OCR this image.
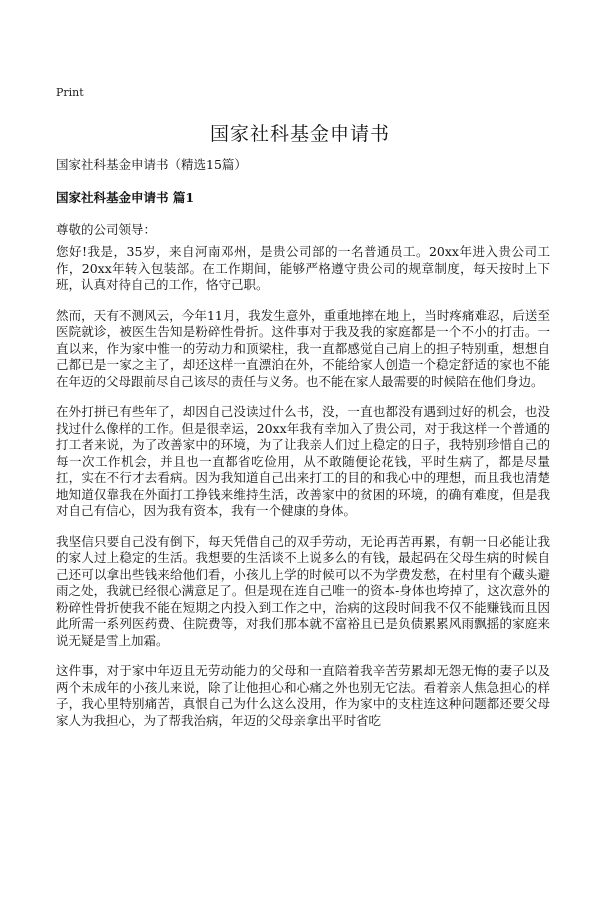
Print
国家社科基金申请书

国家社科基金申请书（精选15篇）

国家社科基金申请书 篇1

尊敬的公司领导：

您好!我是，35岁，来自河南邓州，是贵公司部的一名普通员工。20xx年进入贵公司工作，20xx年转入包装部。在工作期间，能够严格遵守贵公司的规章制度，每天按时上下班，认真对待自己的工作，恪守己职。

然而，天有不测风云，今年11月，我发生意外，重重地摔在地上，当时疼痛难忍，后送至医院就诊，被医生告知是粉碎性骨折。这件事对于我及我的家庭都是一个不小的打击。一直以来，作为家中惟一的劳动力和顶梁柱，我一直都感觉自己肩上的担子特别重，想想自己都已是一家之主了，却还这样一直漂泊在外，不能给家人创造一个稳定舒适的家也不能在年迈的父母跟前尽自己该尽的责任与义务。也不能在家人最需要的时候陪在他们身边。

在外打拼已有些年了，却因自己没读过什么书，没，一直也都没有遇到过好的机会，也没找过什么像样的工作。但是很幸运，20xx年我有幸加入了贵公司，对于我这样一个普通的打工者来说，为了改善家中的环境，为了让我亲人们过上稳定的日子，我特别珍惜自己的每一次工作机会，并且也一直都省吃俭用，从不敢随便论花钱，平时生病了，都是尽量扛，实在不行才去看病。因为我知道自己出来打工的目的和我心中的理想，而且我也清楚地知道仅靠我在外面打工挣钱来维持生活，改善家中的贫困的环境，的确有难度，但是我对自己有信心，因为我有资本，我有一个健康的身体。

我坚信只要自己没有倒下，每天凭借自己的双手劳动，无论再苦再累，有朝一日必能让我的家人过上稳定的生活。我想要的生活谈不上说多么的有钱，最起码在父母生病的时候自己还可以拿出些钱来给他们看，小孩儿上学的时候可以不为学费发愁，在村里有个藏头避雨之处，我就已经很心满意足了。但是现在连自己唯一的资本-身体也垮掉了，这次意外的粉碎性骨折使我不能在短期之内投入到工作之中，治病的这段时间我不仅不能赚钱而且因此所需一系列医药费、住院费等，对我们那本就不富裕且已是负债累累风雨飘摇的家庭来说无疑是雪上加霜。

这件事，对于家中年迈且无劳动能力的父母和一直陪着我辛苦劳累却无怨无悔的妻子以及两个未成年的小孩儿来说，除了让他担心和心痛之外也别无它法。看着亲人焦急担心的样子，我心里特别痛苦，真恨自己为什么这么没用，作为家中的支柱连这种问题都还要父母家人为我担心，为了帮我治病，年迈的父母亲拿出平时省吃
